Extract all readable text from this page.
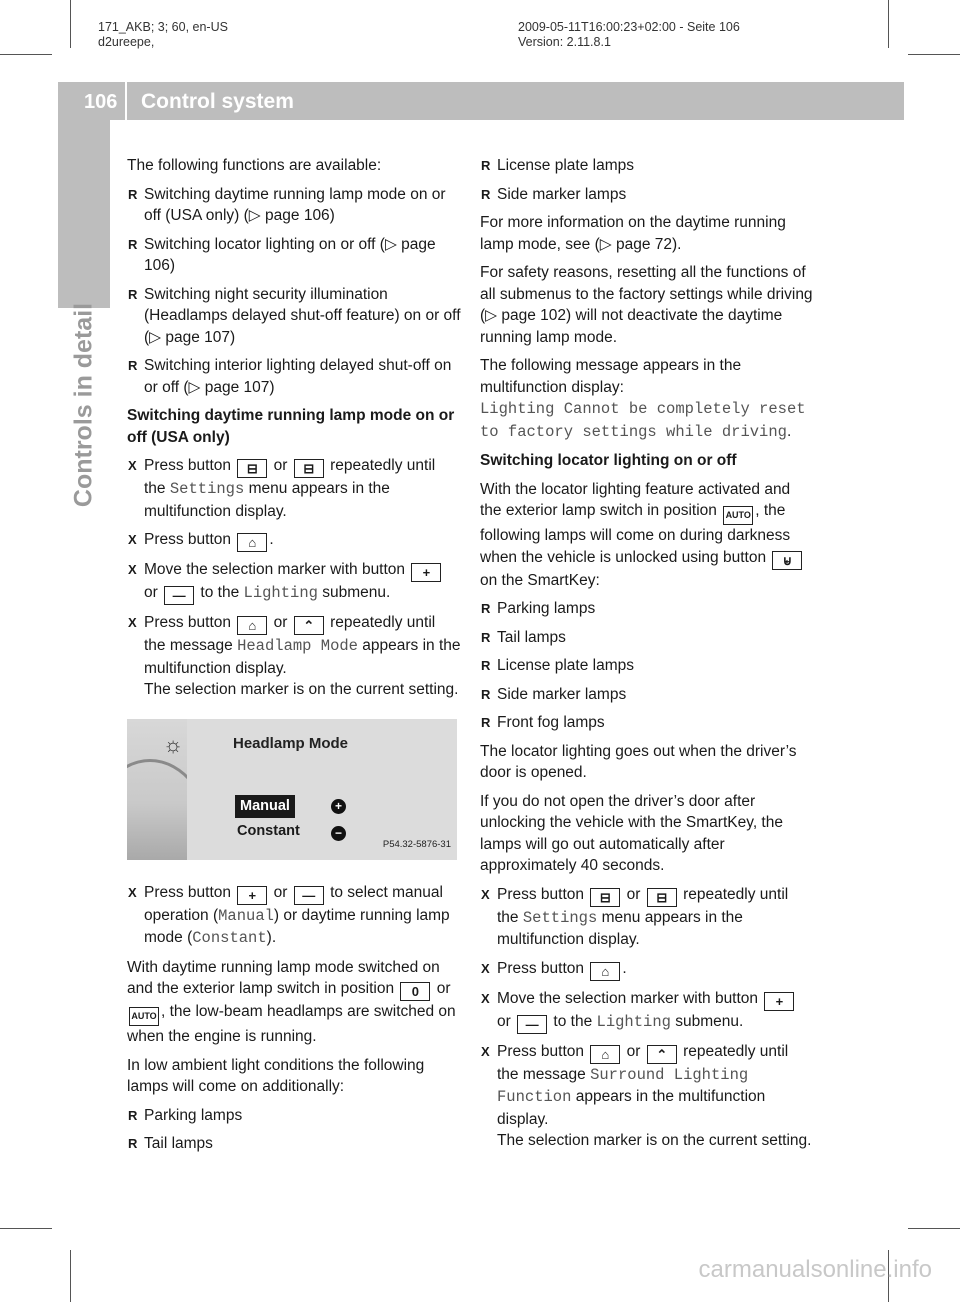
171_AKB; 3; 60, en-US
d2ureepe,
2009-05-11T16:00:23+02:00 - Seite 106
Version: 2.11.8.1
106 Control system
Controls in detail

The following functions are available:

R Switching daytime running lamp mode on or off (USA only) (▷ page 106)
R Switching locator lighting on or off (▷ page 106)
R Switching night security illumination (Headlamps delayed shut-off feature) on or off (▷ page 107)
R Switching interior lighting delayed shut-off on or off (▷ page 107)

Switching daytime running lamp mode on or off (USA only)

X Press button ⊟ or ⊟ repeatedly until the Settings menu appears in the multifunction display.
X Press button ⌂ .
X Move the selection marker with button + or — to the Lighting submenu.
X Press button ⌂ or ⌃ repeatedly until the message Headlamp Mode appears in the multifunction display.
The selection marker is on the current setting.
☼	Headlamp Mode
Manual
Constant
+
−
P54.32-5876-31
X Press button + or — to select manual operation (Manual) or daytime running lamp mode (Constant).

With daytime running lamp mode switched on and the exterior lamp switch in position 0 or AUTO , the low-beam headlamps are switched on when the engine is running.

In low ambient light conditions the following lamps will come on additionally:

R Parking lamps
R Tail lamps
R License plate lamps
R Side marker lamps

For more information on the daytime running lamp mode, see (▷ page 72).

For safety reasons, resetting all the functions of all submenus to the factory settings while driving (▷ page 102) will not deactivate the daytime running lamp mode.

The following message appears in the multifunction display:
Lighting Cannot be completely reset to factory settings while driving.

Switching locator lighting on or off

With the locator lighting feature activated and the exterior lamp switch in position AUTO , the following lamps will come on during darkness when the vehicle is unlocked using button ⊌ on the SmartKey:

R Parking lamps
R Tail lamps
R License plate lamps
R Side marker lamps
R Front fog lamps

The locator lighting goes out when the driver’s door is opened.

If you do not open the driver’s door after unlocking the vehicle with the SmartKey, the lamps will go out automatically after approximately 40 seconds.

X Press button ⊟ or ⊟ repeatedly until the Settings menu appears in the multifunction display.
X Press button ⌂ .
X Move the selection marker with button + or — to the Lighting submenu.
X Press button ⌂ or ⌃ repeatedly until the message Surround Lighting Function appears in the multifunction display.
The selection marker is on the current setting.
carmanualsonline.info
